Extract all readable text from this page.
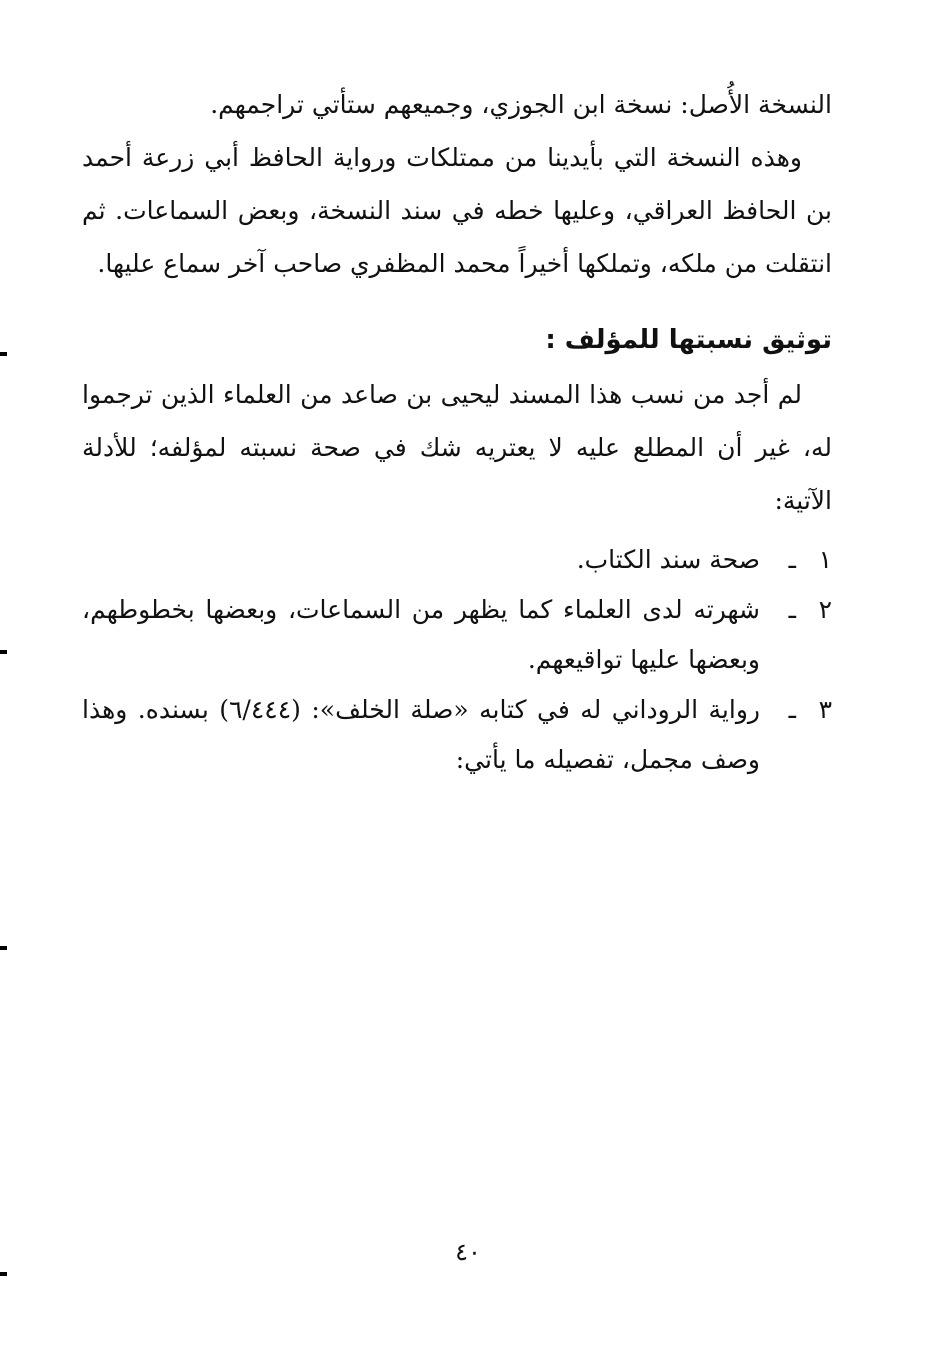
النسخة الأُصل: نسخة ابن الجوزي، وجميعهم ستأتي تراجمهم.

وهذه النسخة التي بأيدينا من ممتلكات ورواية الحافظ أبي زرعة أحمد بن الحافظ العراقي، وعليها خطه في سند النسخة، وبعض السماعات. ثم انتقلت من ملكه، وتملكها أخيراً محمد المظفري صاحب آخر سماع عليها.

توثيق نسبتها للمؤلف :

لم أجد من نسب هذا المسند ليحيى بن صاعد من العلماء الذين ترجموا له، غير أن المطلع عليه لا يعتريه شك في صحة نسبته لمؤلفه؛ للأدلة الآتية:

١
ـ
صحة سند الكتاب.
٢
ـ
شهرته لدى العلماء كما يظهر من السماعات، وبعضها بخطوطهم، وبعضها عليها تواقيعهم.
٣
ـ
رواية الروداني له في كتابه «صلة الخلف»: (٦/٤٤٤) بسنده. وهذا وصف مجمل، تفصيله ما يأتي:
٤٠
